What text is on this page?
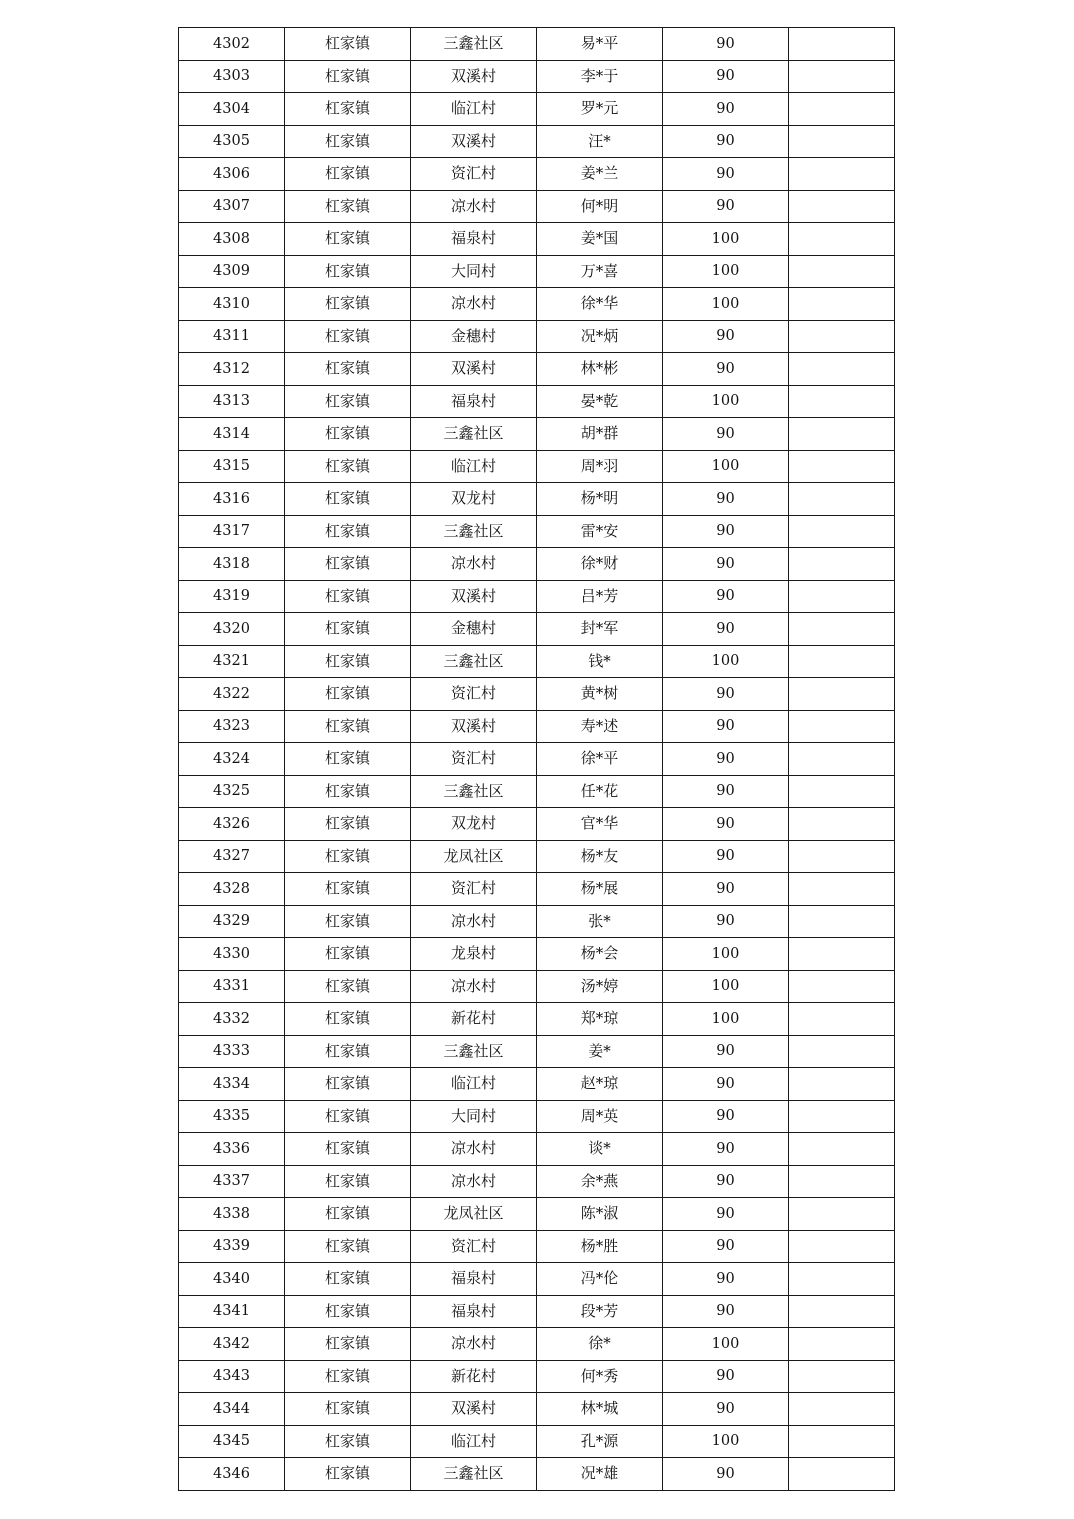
4302	杠家镇	三鑫社区	易*平	90	
4303	杠家镇	双溪村	李*于	90	
4304	杠家镇	临江村	罗*元	90	
4305	杠家镇	双溪村	汪*	90	
4306	杠家镇	资汇村	姜*兰	90	
4307	杠家镇	凉水村	何*明	90	
4308	杠家镇	福泉村	姜*国	100	
4309	杠家镇	大同村	万*喜	100	
4310	杠家镇	凉水村	徐*华	100	
4311	杠家镇	金穗村	况*炳	90	
4312	杠家镇	双溪村	林*彬	90	
4313	杠家镇	福泉村	晏*乾	100	
4314	杠家镇	三鑫社区	胡*群	90	
4315	杠家镇	临江村	周*羽	100	
4316	杠家镇	双龙村	杨*明	90	
4317	杠家镇	三鑫社区	雷*安	90	
4318	杠家镇	凉水村	徐*财	90	
4319	杠家镇	双溪村	吕*芳	90	
4320	杠家镇	金穗村	封*军	90	
4321	杠家镇	三鑫社区	钱*	100	
4322	杠家镇	资汇村	黄*树	90	
4323	杠家镇	双溪村	寿*述	90	
4324	杠家镇	资汇村	徐*平	90	
4325	杠家镇	三鑫社区	任*花	90	
4326	杠家镇	双龙村	官*华	90	
4327	杠家镇	龙凤社区	杨*友	90	
4328	杠家镇	资汇村	杨*展	90	
4329	杠家镇	凉水村	张*	90	
4330	杠家镇	龙泉村	杨*会	100	
4331	杠家镇	凉水村	汤*婷	100	
4332	杠家镇	新花村	郑*琼	100	
4333	杠家镇	三鑫社区	姜*	90	
4334	杠家镇	临江村	赵*琼	90	
4335	杠家镇	大同村	周*英	90	
4336	杠家镇	凉水村	谈*	90	
4337	杠家镇	凉水村	余*燕	90	
4338	杠家镇	龙凤社区	陈*淑	90	
4339	杠家镇	资汇村	杨*胜	90	
4340	杠家镇	福泉村	冯*伦	90	
4341	杠家镇	福泉村	段*芳	90	
4342	杠家镇	凉水村	徐*	100	
4343	杠家镇	新花村	何*秀	90	
4344	杠家镇	双溪村	林*城	90	
4345	杠家镇	临江村	孔*源	100	
4346	杠家镇	三鑫社区	况*雄	90	
